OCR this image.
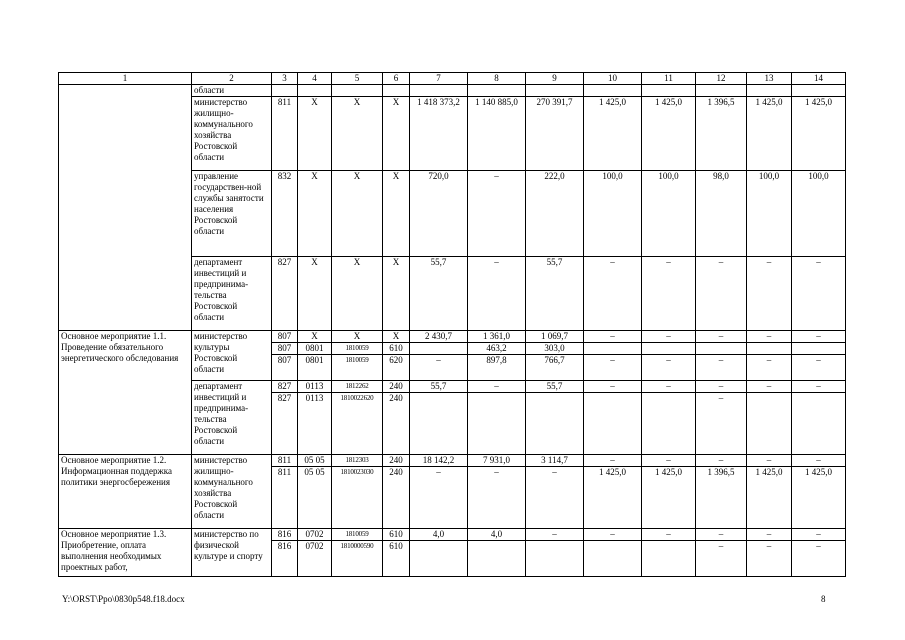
1	2	3	4	5	6	7	8	9	10	11	12	13	14
	области												
	министерство жилищно-коммунального хозяйства Ростовской области	811	Х	Х	Х	1 418 373,2	1 140 885,0	270 391,7	1 425,0	1 425,0	1 396,5	1 425,0	1 425,0
	управление государствен-ной службы занятости населения Ростовской области	832	Х	Х	Х	720,0	–	222,0	100,0	100,0	98,0	100,0	100,0
	департамент инвестиций и предпринима-тельства Ростовской области	827	Х	Х	Х	55,7	–	55,7	–	–	–	–	–
Основное мероприятие 1.1. Проведение обязательного энергетического обследования	министерство культуры Ростовской области	807	Х	Х	Х	2 430,7	1 361,0	1 069,7	–	–	–	–	–
		807	0801	1810059	610		463,2	303,0					
		807	0801	1810059	620	–	897,8	766,7	–	–	–	–	–
	департамент инвестиций и предпринима-тельства Ростовской области	827	0113	1812262	240	55,7	–	55,7	–	–	–	–	–
		827	0113	1810022620	240						–		
Основное мероприятие 1.2. Информационная поддержка политики энергосбережения	министерство жилищно-коммунального хозяйства Ростовской области	811	05 05	1812303	240	18 142,2	7 931,0	3 114,7	–	–	–	–	–
		811	05 05	1810023030	240	–	–	–	1 425,0	1 425,0	1 396,5	1 425,0	1 425,0
Основное мероприятие 1.3. Приобретение, оплата выполнения необходимых проектных работ,	министерство по физической культуре и спорту	816	0702	1810059	610	4,0	4,0	–	–	–	–	–	–
		816	0702	1810000590	610						–	–	–
Y:\ORST\Ppo\0830p548.f18.docx	8
